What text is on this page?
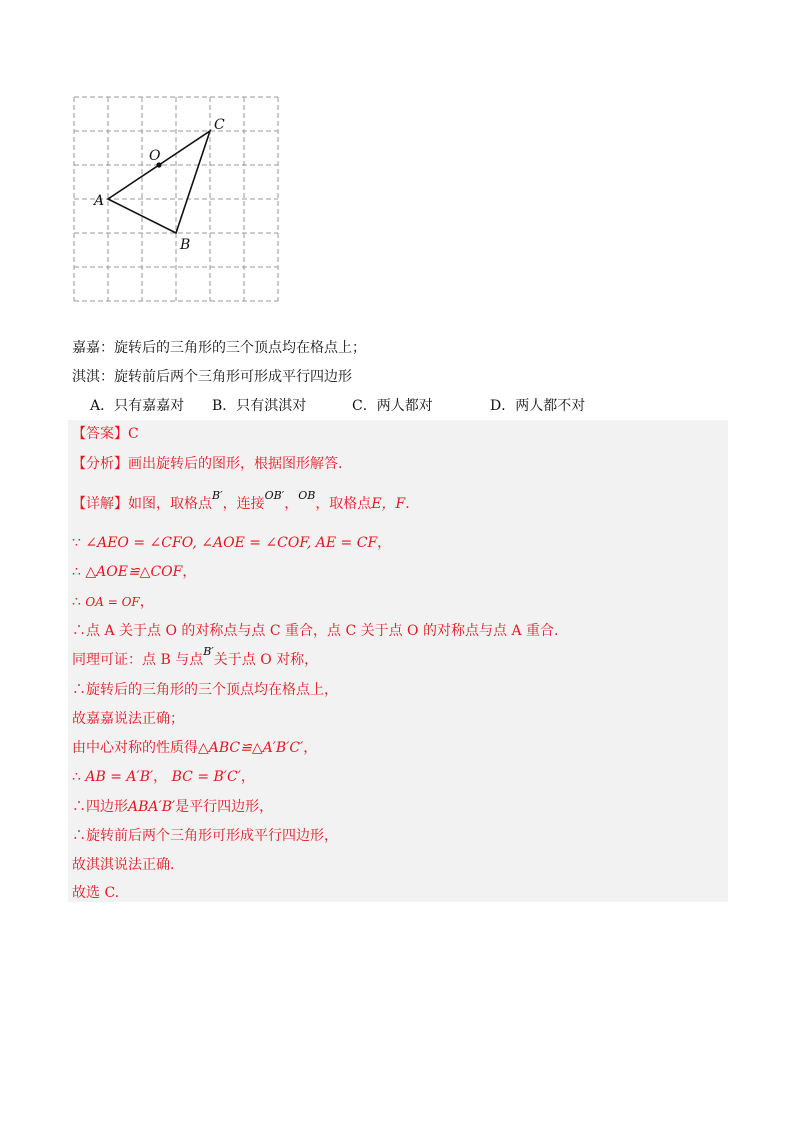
A
B
C
O
嘉嘉：旋转后的三角形的三个顶点均在格点上；
淇淇：旋转前后两个三角形可形成平行四边形
A．只有嘉嘉对 B．只有淇淇对	C．两人都对	D．两人都不对
【答案】C
【分析】画出旋转后的图形，根据图形解答.
【详解】如图，取格点$^{B'}$，连接$^{OB'}$，$^{OB}$，取格点E，F.
∵ ∠AEO = ∠CFO, ∠AOE = ∠COF, AE = CF，
∴ △AOE≌△COF，
∴ OA = OF，
∴点 A 关于点 O 的对称点与点 C 重合，点 C 关于点 O 的对称点与点 A 重合.
同理可证：点 B 与点$^{B'}$关于点 O 对称，
∴旋转后的三角形的三个顶点均在格点上，
故嘉嘉说法正确；
由中心对称的性质得△ABC≌△A′B′C′，
∴ AB = A′B′， BC = B′C′，
∴四边形ABA′B′是平行四边形，
∴旋转前后两个三角形可形成平行四边形，
故淇淇说法正确.
故选 C.
